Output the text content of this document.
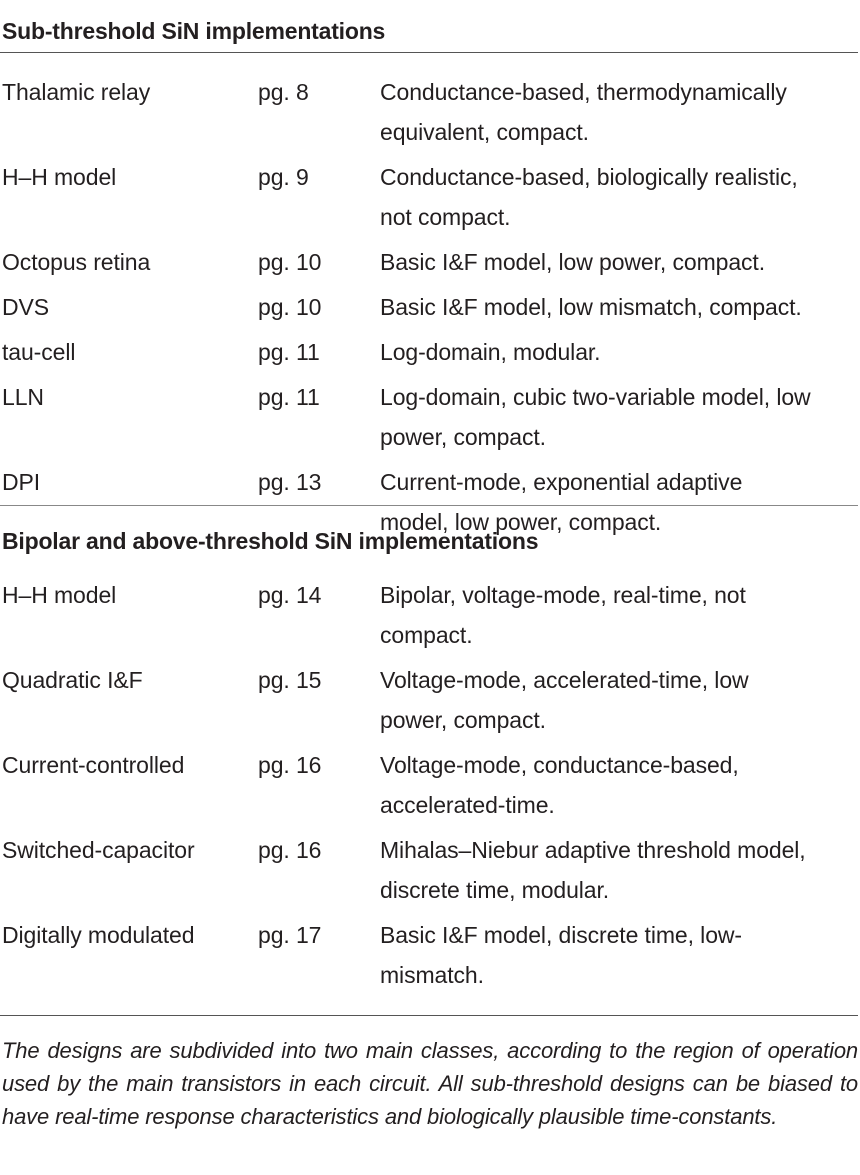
Sub-threshold SiN implementations
Thalamic relay	pg. 8	Conductance-based, thermodynamically
equivalent, compact.
H–H model	pg. 9	Conductance-based, biologically realistic,
not compact.
Octopus retina	pg. 10	Basic I&F model, low power, compact.
DVS	pg. 10	Basic I&F model, low mismatch, compact.
tau-cell	pg. 11	Log-domain, modular.
LLN	pg. 11	Log-domain, cubic two-variable model, low
power, compact.
DPI	pg. 13	Current-mode, exponential adaptive
model, low power, compact.
Bipolar and above-threshold SiN implementations
H–H model	pg. 14	Bipolar, voltage-mode, real-time, not
compact.
Quadratic I&F	pg. 15	Voltage-mode, accelerated-time, low
power, compact.
Current-controlled	pg. 16	Voltage-mode, conductance-based,
accelerated-time.
Switched-capacitor	pg. 16	Mihalas–Niebur adaptive threshold model,
discrete time, modular.
Digitally modulated	pg. 17	Basic I&F model, discrete time, low-
mismatch.
The designs are subdivided into two main classes, according to the region of operation used by the main transistors in each circuit. All sub-threshold designs can be biased to have real-time response characteristics and biologically plausible time-constants.
